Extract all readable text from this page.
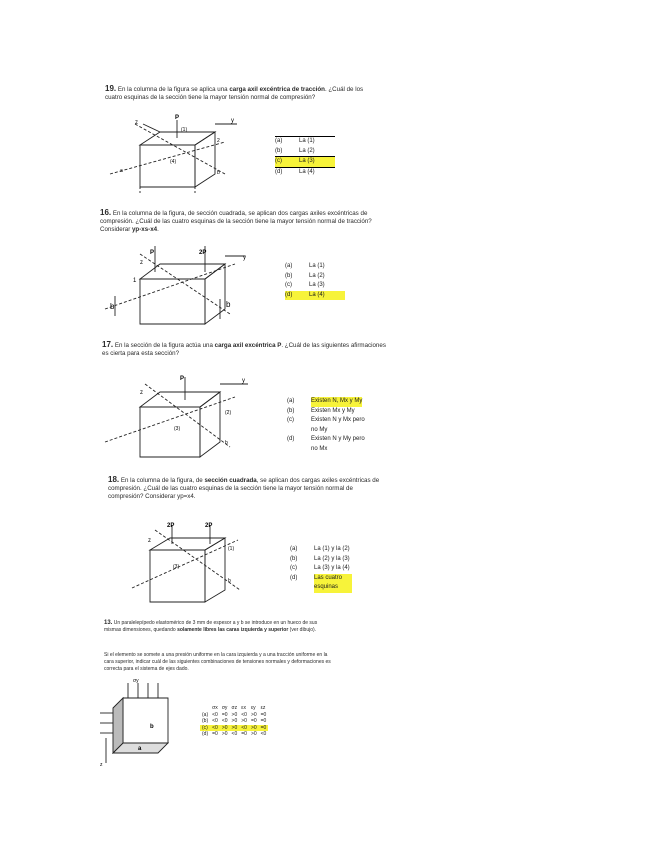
19. En la columna de la figura se aplica una carga axil excéntrica de tracción. ¿Cuál de los cuatro esquinas de la sección tiene la mayor tensión normal de compresión?
P	y
z
(1)
2
(4)
b
a
(a)	La (1)
(b)	La (2)
(c)	La (3)
(d)	La (4)
16. En la columna de la figura, de sección cuadrada, se aplican dos cargas axiles excéntricas de compresión. ¿Cuál de las cuatro esquinas de la sección tiene la mayor tensión normal de tracción? Considerar yp-xs-x4.
P	2P
y
z
1
b	b
(a)	La (1)
(b)	La (2)
(c)	La (3)
(d)	La (4)
17. En la sección de la figura actúa una carga axil excéntrica P. ¿Cuál de las siguientes afirmaciones es cierta para esta sección?
P	y
z
(2)
(3)
b
(a)	Existen N, Mx y My
(b)	Existen Mx y My
(c)	Existen N y Mx pero no My
(d)	Existen N y My pero no Mx
18. En la columna de la figura, de sección cuadrada, se aplican dos cargas axiles excéntricas de compresión. ¿Cuál de las cuatro esquinas de la sección tiene la mayor tensión normal de compresión? Considerar yp=x4.
2P	2P
z
(1)
(3)
b
(a)	La (1) y la (2)
(b)	La (2) y la (3)
(c)	La (3) y la (4)
(d)	Las cuatro esquinas
13. Un paralelepípedo elastomérico de 3 mm de espesor a y b se introduce en un hueco de sus mismas dimensiones, quedando solamente libres las caras izquierda y superior (ver dibujo).
Si el elemento se somete a una presión uniforme en la cara izquierda y a una tracción uniforme en la cara superior, indicar cuál de las siguientes combinaciones de tensiones normales y deformaciones es correcta para el sistema de ejes dado.
σy
b
a
z
	σx	σy	σz	εx	εy	εz
(a)	<0	=0	>0	<0	>0	=0
(b)	<0	<0	>0	>0	=0	=0
(c)	<0	>0	>0	<0	>0	=0
(d)	=0	>0	<0	=0	>0	<0
